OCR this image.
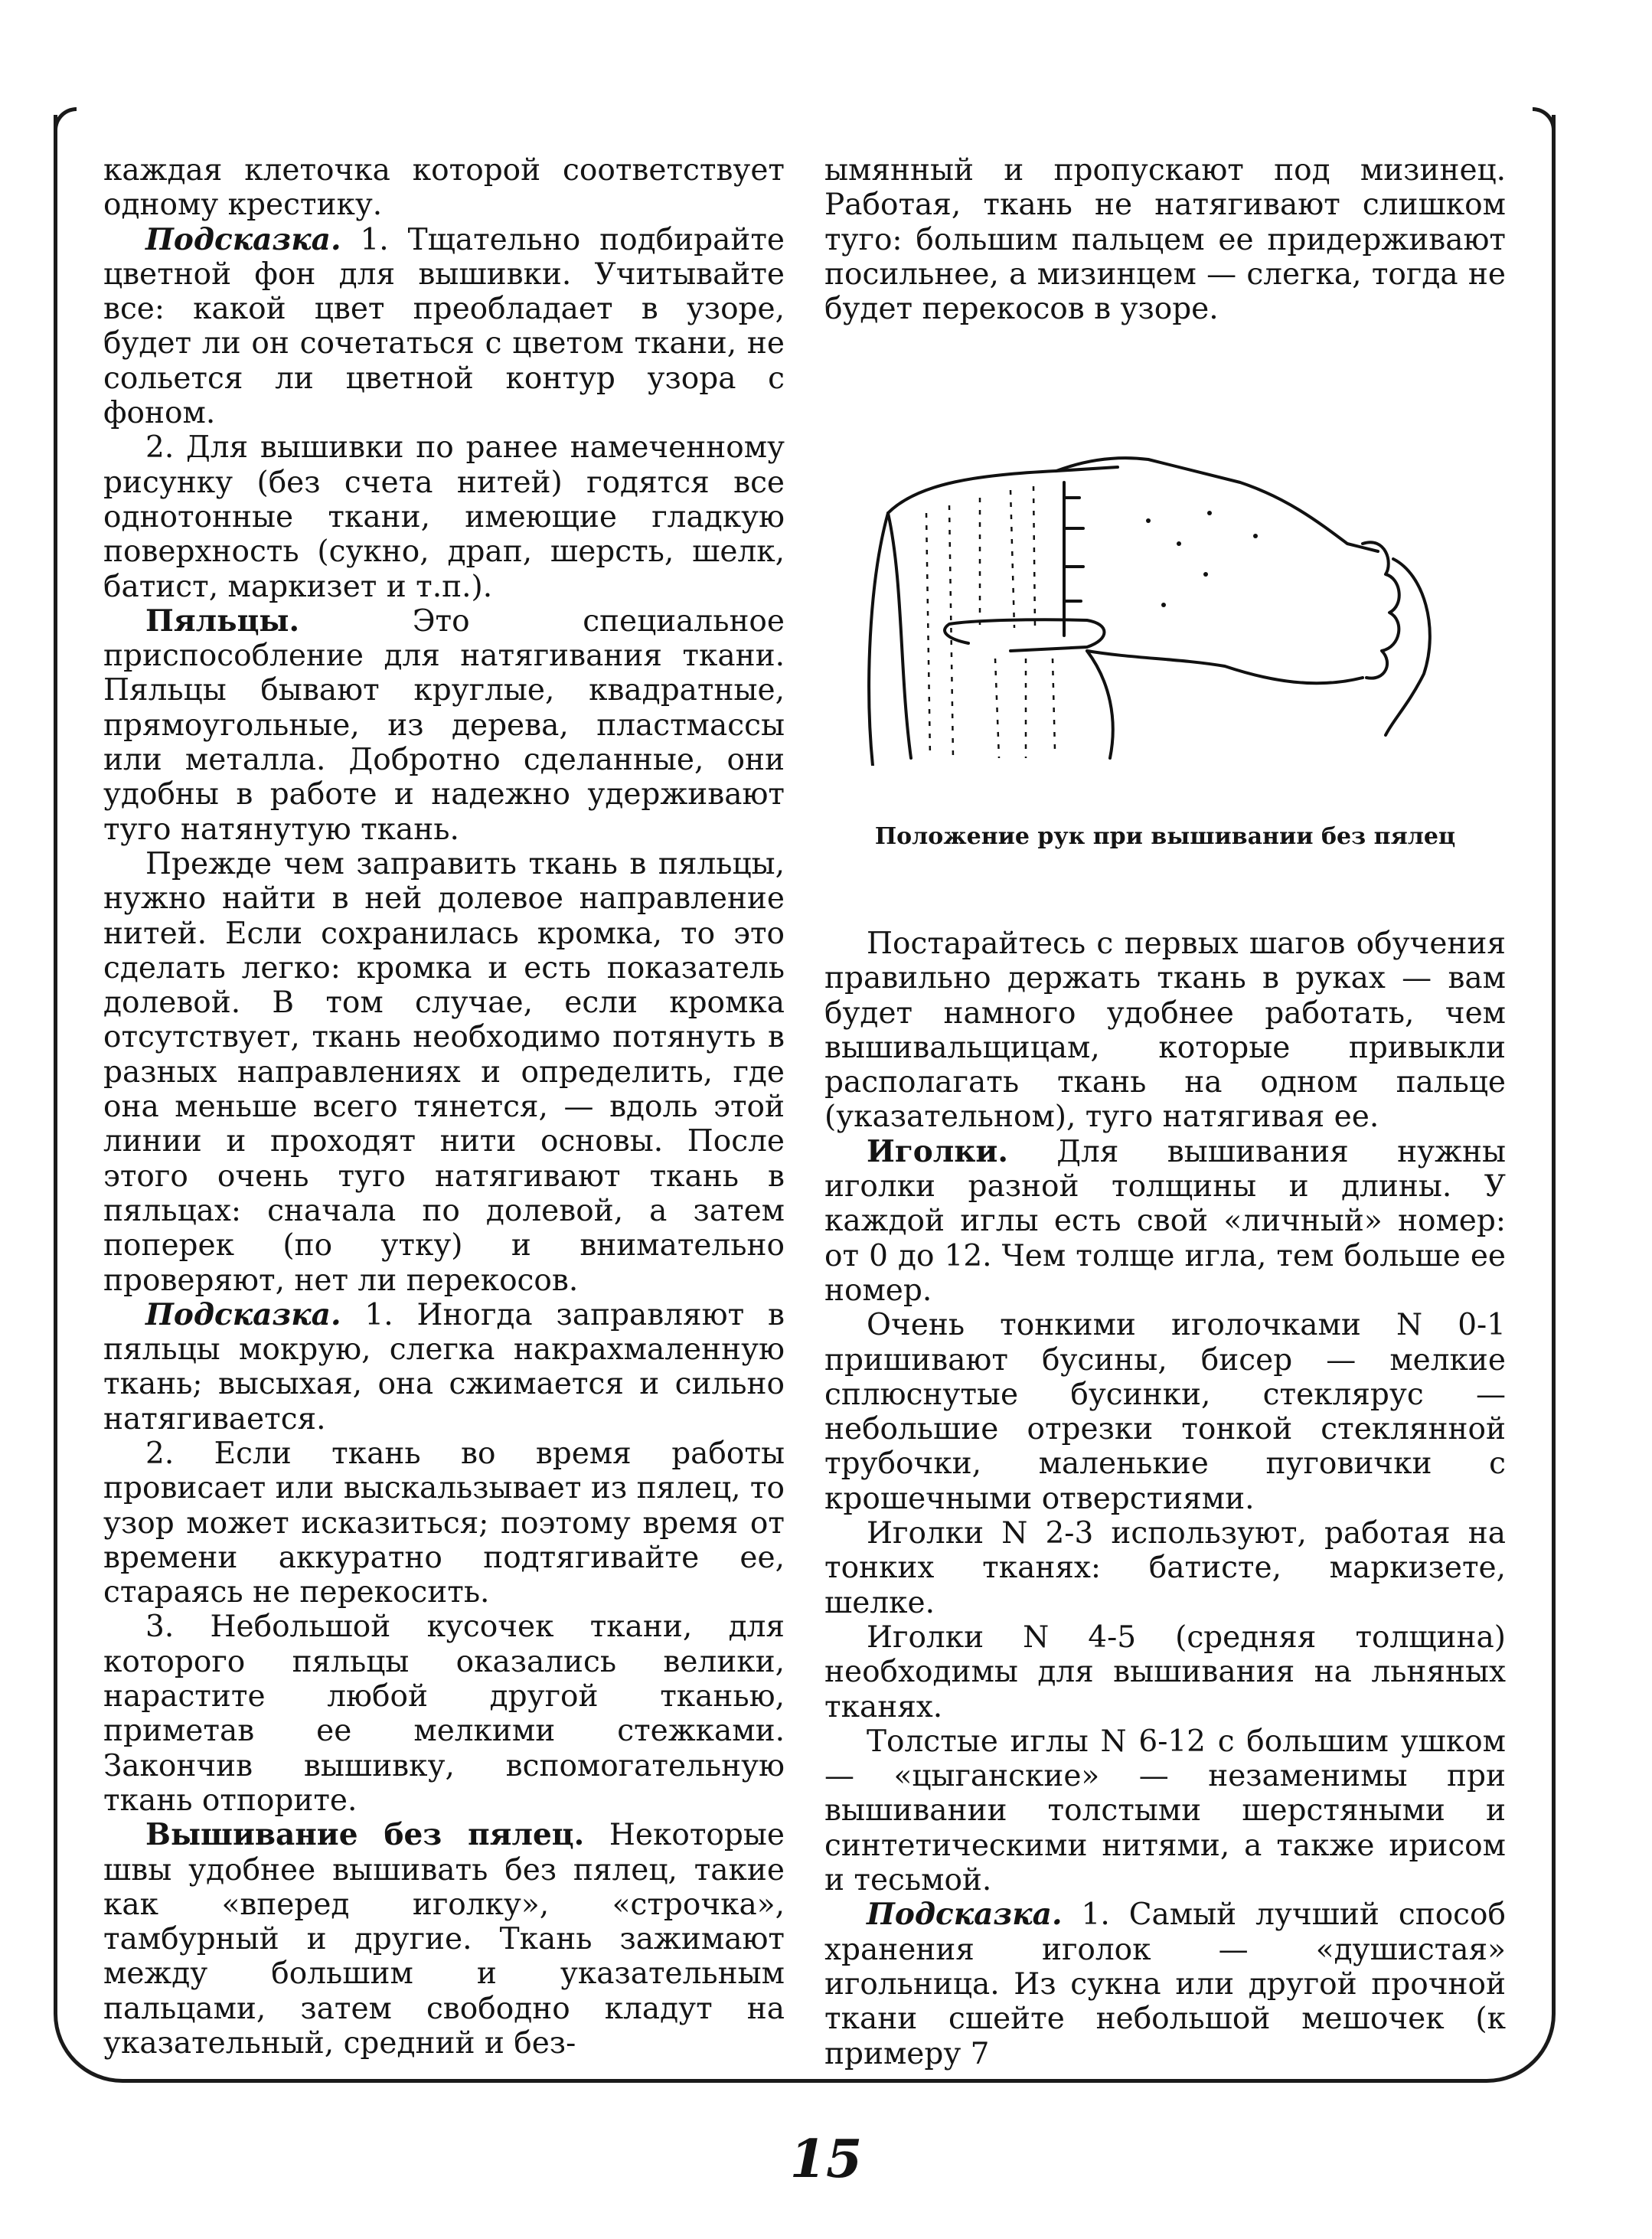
каждая клеточка которой соответствует одному крестику.

Подсказка. 1. Тщательно подбирайте цветной фон для вышивки. Учитывайте все: какой цвет преобладает в узоре, будет ли он сочетаться с цветом ткани, не сольется ли цветной контур узора с фоном.

2. Для вышивки по ранее намеченному рисунку (без счета нитей) годятся все однотонные ткани, имеющие гладкую поверхность (сукно, драп, шерсть, шелк, батист, маркизет и т.п.).

Пяльцы. Это специальное приспособление для натягивания ткани. Пяльцы бывают круглые, квадратные, прямоугольные, из дерева, пластмассы или металла. Добротно сделанные, они удобны в работе и надежно удерживают туго натянутую ткань.

Прежде чем заправить ткань в пяльцы, нужно найти в ней долевое направление нитей. Если сохранилась кромка, то это сделать легко: кромка и есть показатель долевой. В том случае, если кромка отсутствует, ткань необходимо потянуть в разных направлениях и определить, где она меньше всего тянется, — вдоль этой линии и проходят нити основы. После этого очень туго натягивают ткань в пяльцах: сначала по долевой, а затем поперек (по утку) и внимательно проверяют, нет ли перекосов.

Подсказка. 1. Иногда заправляют в пяльцы мокрую, слегка накрахмаленную ткань; высыхая, она сжимается и сильно натягивается.

2. Если ткань во время работы провисает или выскальзывает из пялец, то узор может исказиться; поэтому время от времени аккуратно подтягивайте ее, стараясь не перекосить.

3. Небольшой кусочек ткани, для которого пяльцы оказались велики, нарастите любой другой тканью, приметав ее мелкими стежками. Закончив вышивку, вспомогательную ткань отпорите.

Вышивание без пялец. Некоторые швы удобнее вышивать без пялец, такие как «вперед иголку», «строчка», тамбурный и другие. Ткань зажимают между большим и указательным пальцами, затем свободно кладут на указательный, средний и без-

ымянный и пропускают под мизинец. Работая, ткань не натягивают слишком туго: большим пальцем ее придерживают посильнее, а мизинцем — слегка, тогда не будет перекосов в узоре.

Положение рук при вышивании без пялец

Постарайтесь с первых шагов обучения правильно держать ткань в руках — вам будет намного удобнее работать, чем вышивальщицам, которые привыкли располагать ткань на одном пальце (указательном), туго натягивая ее.

Иголки. Для вышивания нужны иголки разной толщины и длины. У каждой иглы есть свой «личный» номер: от 0 до 12. Чем толще игла, тем больше ее номер.

Очень тонкими иголочками N 0-1 пришивают бусины, бисер — мелкие сплюснутые бусинки, стеклярус — небольшие отрезки тонкой стеклянной трубочки, маленькие пуговички с крошечными отверстиями.

Иголки N 2-3 используют, работая на тонких тканях: батисте, маркизете, шелке.

Иголки N 4-5 (средняя толщина) необходимы для вышивания на льняных тканях.

Толстые иглы N 6-12 с большим ушком — «цыганские» — незаменимы при вышивании толстыми шерстяными и синтетическими нитями, а также ирисом и тесьмой.

Подсказка. 1. Самый лучший способ хранения иголок — «душистая» игольница. Из сукна или другой прочной ткани сшейте небольшой мешочек (к примеру 7

15
